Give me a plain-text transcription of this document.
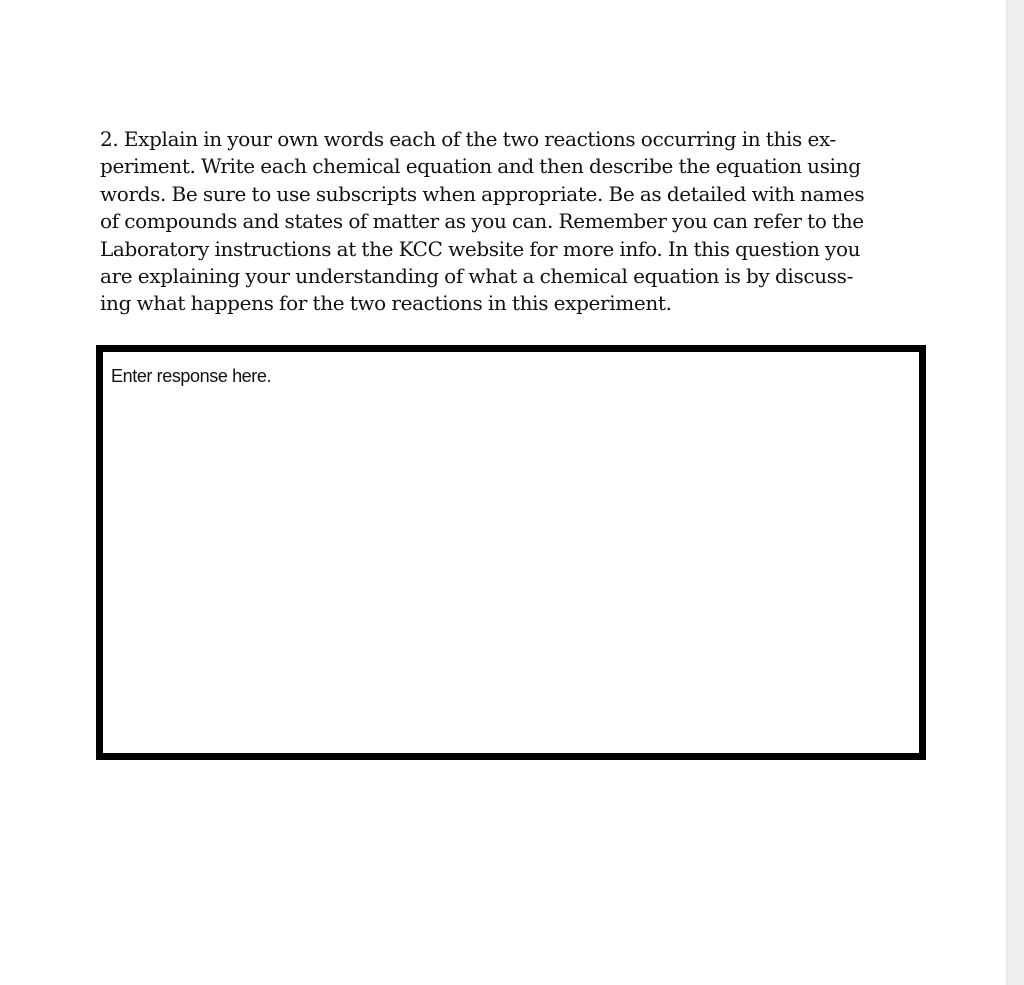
2. Explain in your own words each of the two reactions occurring in this ex-
periment. Write each chemical equation and then describe the equation using
words. Be sure to use subscripts when appropriate. Be as detailed with names
of compounds and states of matter as you can. Remember you can refer to the
Laboratory instructions at the KCC website for more info. In this question you
are explaining your understanding of what a chemical equation is by discuss-
ing what happens for the two reactions in this experiment.

Enter response here.
